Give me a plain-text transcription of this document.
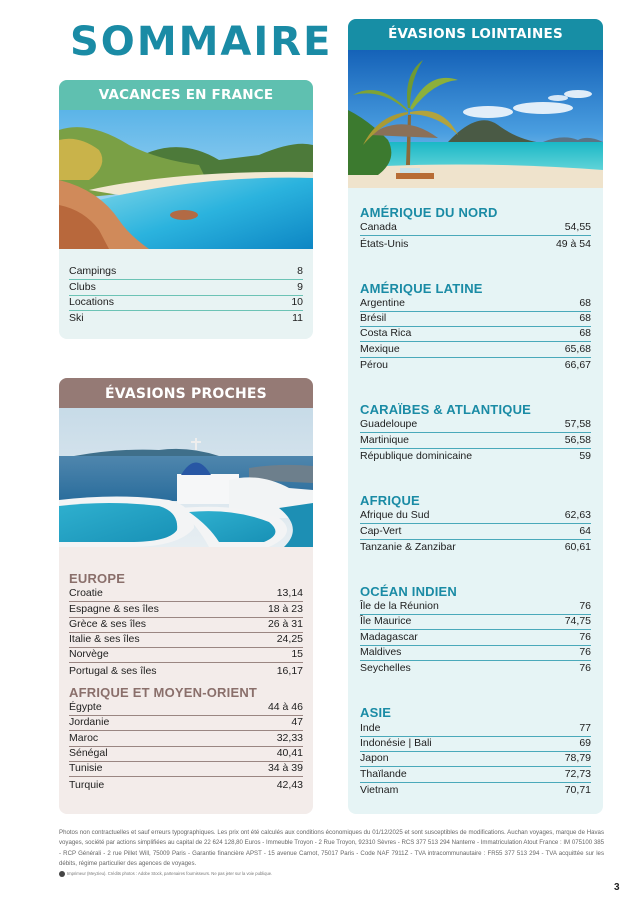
SOMMAIRE
VACANCES EN FRANCE
Campings	8
Clubs	9
Locations	10
Ski	11
ÉVASIONS PROCHES
EUROPE
Croatie	13,14
Espagne & ses îles	18 à 23
Grèce & ses îles	26 à 31
Italie & ses îles	24,25
Norvège	15
Portugal & ses îles	16,17
AFRIQUE ET MOYEN-ORIENT
Égypte	44 à 46
Jordanie	47
Maroc	32,33
Sénégal	40,41
Tunisie	34 à 39
Turquie	42,43
ÉVASIONS LOINTAINES
AMÉRIQUE DU NORD
Canada	54,55
États-Unis	49 à 54
AMÉRIQUE LATINE
Argentine	68
Brésil	68
Costa Rica	68
Mexique	65,68
Pérou	66,67
CARAÏBES & ATLANTIQUE
Guadeloupe	57,58
Martinique	56,58
République dominicaine	59
AFRIQUE
Afrique du Sud	62,63
Cap-Vert	64
Tanzanie & Zanzibar	60,61
OCÉAN INDIEN
Île de la Réunion	76
Île Maurice	74,75
Madagascar	76
Maldives	76
Seychelles	76
ASIE
Inde	77
Indonésie | Bali	69
Japon	78,79
Thaïlande	72,73
Vietnam	70,71
Photos non contractuelles et sauf erreurs typographiques. Les prix ont été calculés aux conditions économiques du 01/12/2025 et sont susceptibles de modifications. Auchan voyages, marque de Havas voyages, société par actions simplifiées au capital de 22 624 128,80 Euros - Immeuble Troyon - 2 Rue Troyon, 92310 Sèvres - RCS 377 513 294 Nanterre - Immatriculation Atout France : IM 075100 385 - RCP Générali - 2 rue Pillet Will, 75009 Paris - Garantie financière APST - 15 avenue Carnot, 75017 Paris - Code NAF 7911Z - TVA intracommunautaire : FR55 377 513 294 - TVA acquittée sur les débits, régime particulier des agences de voyages.
Imprimeur (Meyzieu). Crédits photos : Adobe Stock, partenaires fournisseurs. Ne pas jeter sur la voie publique.
3
